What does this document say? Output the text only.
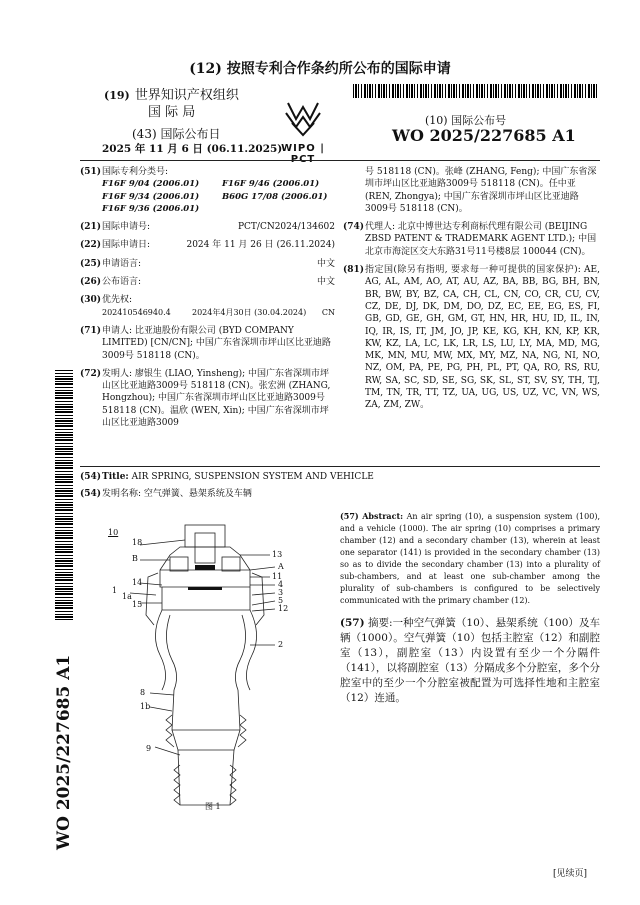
(12) 按照专利合作条约所公布的国际申请
(19) 世界知识产权组织
国 际 局
(43) 国际公布日
2025 年 11 月 6 日 (06.11.2025)
WIPO | PCT
(10) 国际公布号
WO 2025/227685 A1
(51)国际专利分类号:
F16F 9/04 (2006.01)	F16F 9/46 (2006.01)
F16F 9/34 (2006.01)	B60G 17/08 (2006.01)
F16F 9/36 (2006.01)
(21) 国际申请号:	PCT/CN2024/134602
(22) 国际申请日:	2024 年 11 月 26 日 (26.11.2024)
(25) 申请语言:	中文
(26) 公布语言:	中文
(30)优先权:
202410546940.4	2024年4月30日 (30.04.2024)	CN
(71) 申请人: 比亚迪股份有限公司 (BYD COMPANY LIMITED) [CN/CN]; 中国广东省深圳市坪山区比亚迪路3009号 518118 (CN)。
(72) 发明人: 廖银生 (LIAO, Yinsheng); 中国广东省深圳市坪山区比亚迪路3009号 518118 (CN)。张宏洲 (ZHANG, Hongzhou); 中国广东省深圳市坪山区比亚迪路3009号 518118 (CN)。温欣 (WEN, Xin); 中国广东省深圳市坪山区比亚迪路3009
号 518118 (CN)。张峰 (ZHANG, Feng); 中国广东省深圳市坪山区比亚迪路3009号 518118 (CN)。任中亚 (REN, Zhongya); 中国广东省深圳市坪山区比亚迪路3009号 518118 (CN)。
(74) 代理人: 北京中博世达专利商标代理有限公司 (BEIJING ZBSD PATENT & TRADEMARK AGENT LTD.); 中国北京市海淀区交大东路31号11号楼8层 100044 (CN)。
(81) 指定国(除另有指明, 要求每一种可提供的国家保护): AE, AG, AL, AM, AO, AT, AU, AZ, BA, BB, BG, BH, BN, BR, BW, BY, BZ, CA, CH, CL, CN, CO, CR, CU, CV, CZ, DE, DJ, DK, DM, DO, DZ, EC, EE, EG, ES, FI, GB, GD, GE, GH, GM, GT, HN, HR, HU, ID, IL, IN, IQ, IR, IS, IT, JM, JO, JP, KE, KG, KH, KN, KP, KR, KW, KZ, LA, LC, LK, LR, LS, LU, LY, MA, MD, MG, MK, MN, MU, MW, MX, MY, MZ, NA, NG, NI, NO, NZ, OM, PA, PE, PG, PH, PL, PT, QA, RO, RS, RU, RW, SA, SC, SD, SE, SG, SK, SL, ST, SV, SY, TH, TJ, TM, TN, TR, TT, TZ, UA, UG, US, UZ, VC, VN, WS, ZA, ZM, ZW。
(54)Title: AIR SPRING, SUSPENSION SYSTEM AND VEHICLE
(54)发明名称: 空气弹簧、悬架系统及车辆
10
18
B
14
1
1a
15
8
1b
9
13
A
11
4
3
5
12
2
图 1
(57) Abstract: An air spring (10), a suspension system (100), and a vehicle (1000). The air spring (10) comprises a primary chamber (12) and a secondary chamber (13), wherein at least one separator (141) is provided in the secondary chamber (13) so as to divide the secondary chamber (13) into a plurality of sub-chambers, and at least one sub-chamber among the plurality of sub-chambers is configured to be selectively communicated with the primary chamber (12).
(57) 摘要:一种空气弹簧（10）、悬架系统（100）及车辆（1000）。空气弹簧（10）包括主腔室（12）和副腔室（13），副腔室（13）内设置有至少一个分隔件（141），以将副腔室（13）分隔成多个分腔室，多个分腔室中的至少一个分腔室被配置为可选择性地和主腔室（12）连通。
WO 2025/227685 A1
[见续页]
